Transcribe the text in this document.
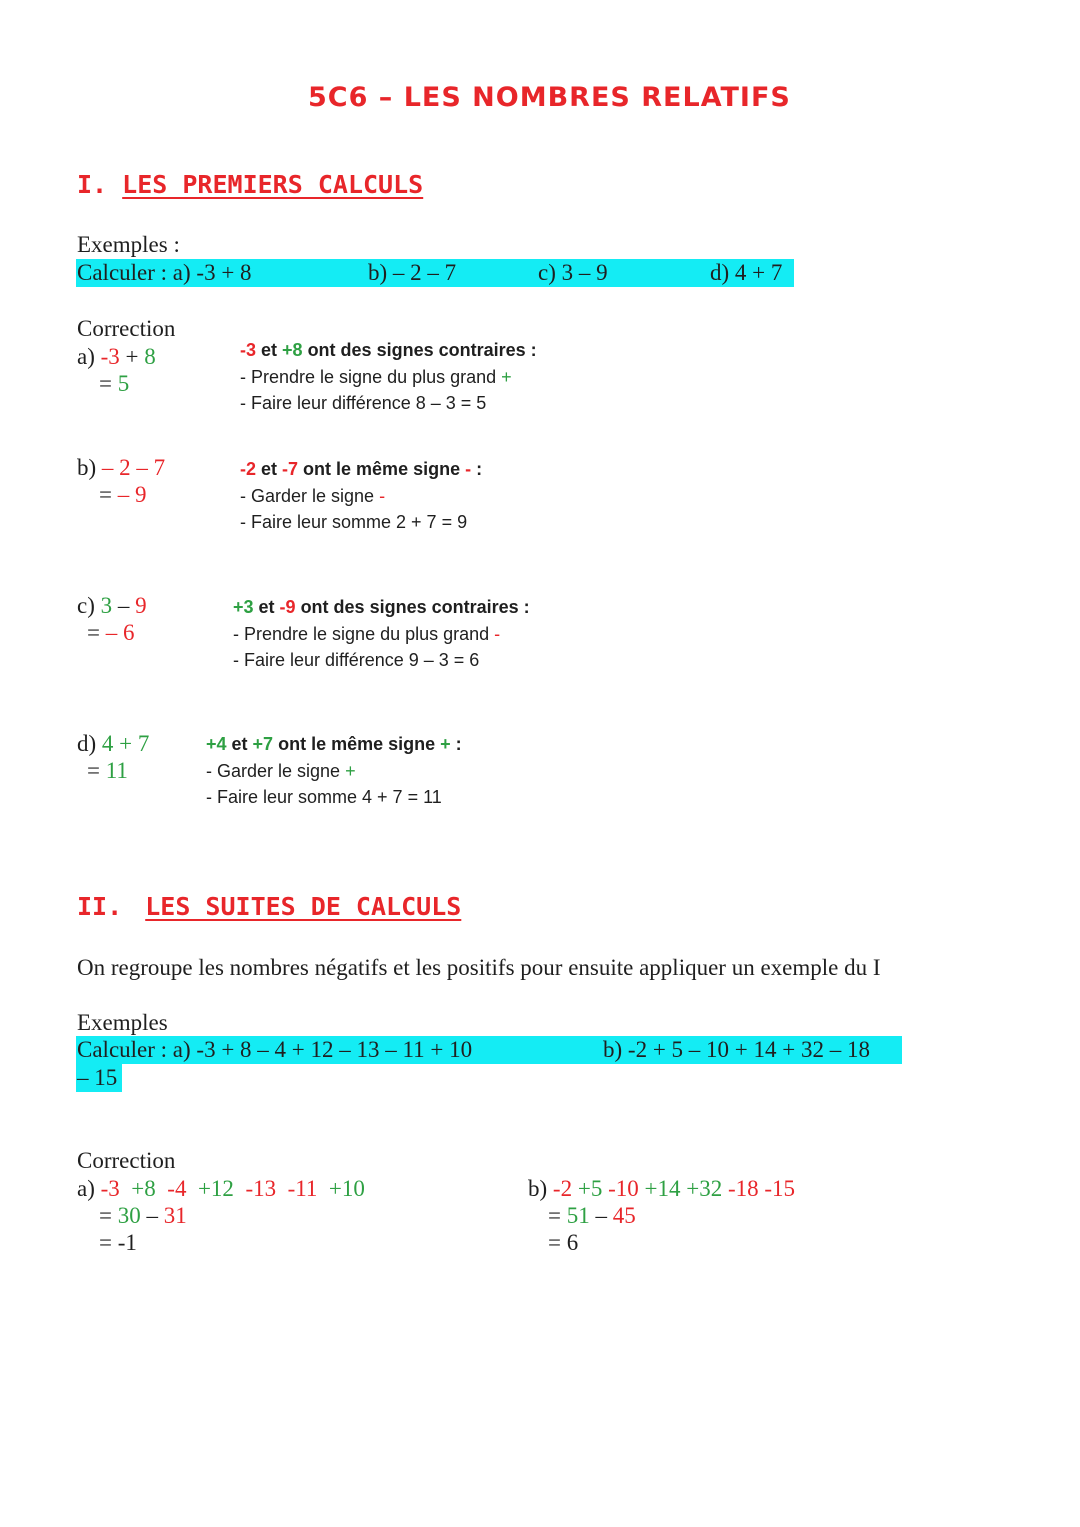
5C6 – LES NOMBRES RELATIFS
I. LES PREMIERS CALCULS
Exemples :
Calculer : a) -3 + 8	b) – 2 – 7	c) 3 – 9	d) 4 + 7
Correction
a) -3 + 8
= 5
-3 et +8 ont des signes contraires :
- Prendre le signe du plus grand +
- Faire leur différence 8 – 3 = 5
b) – 2 – 7
= – 9
-2 et -7 ont le même signe - :
- Garder le signe -
- Faire leur somme 2 + 7 = 9
c) 3 – 9
= – 6
+3 et -9 ont des signes contraires :
- Prendre le signe du plus grand -
- Faire leur différence 9 – 3 = 6
d) 4 + 7
= 11
+4 et +7 ont le même signe + :
- Garder le signe +
- Faire leur somme 4 + 7 = 11
II. LES SUITES DE CALCULS
On regroupe les nombres négatifs et les positifs pour ensuite appliquer un exemple du I
Exemples
Calculer : a) -3 + 8 – 4 + 12 – 13 – 11 + 10	b) -2 + 5 – 10 + 14 + 32 – 18
– 15
Correction
a) -3 +8 -4 +12 -13 -11 +10
= 30 – 31
= -1
b) -2 +5 -10 +14 +32 -18 -15
= 51 – 45
= 6
